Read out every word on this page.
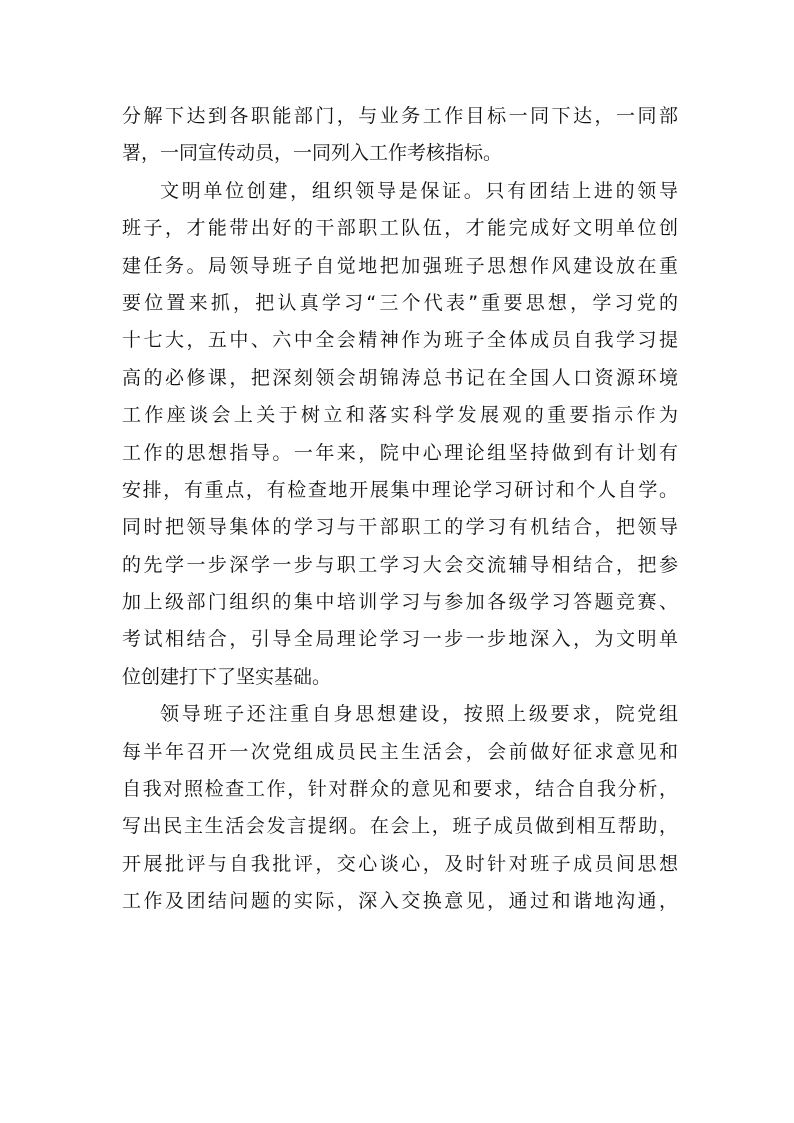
分解下达到各职能部门，与业务工作目标一同下达，一同部
署，一同宣传动员，一同列入工作考核指标。
文明单位创建，组织领导是保证。只有团结上进的领导
班子，才能带出好的干部职工队伍，才能完成好文明单位创
建任务。局领导班子自觉地把加强班子思想作风建设放在重
要位置来抓，把认真学习“三个代表”重要思想，学习党的
十七大，五中、六中全会精神作为班子全体成员自我学习提
高的必修课，把深刻领会胡锦涛总书记在全国人口资源环境
工作座谈会上关于树立和落实科学发展观的重要指示作为
工作的思想指导。一年来，院中心理论组坚持做到有计划有
安排，有重点，有检查地开展集中理论学习研讨和个人自学。
同时把领导集体的学习与干部职工的学习有机结合，把领导
的先学一步深学一步与职工学习大会交流辅导相结合，把参
加上级部门组织的集中培训学习与参加各级学习答题竞赛、
考试相结合，引导全局理论学习一步一步地深入，为文明单
位创建打下了坚实基础。
领导班子还注重自身思想建设，按照上级要求，院党组
每半年召开一次党组成员民主生活会，会前做好征求意见和
自我对照检查工作，针对群众的意见和要求，结合自我分析，
写出民主生活会发言提纲。在会上，班子成员做到相互帮助，
开展批评与自我批评，交心谈心，及时针对班子成员间思想
工作及团结问题的实际，深入交换意见，通过和谐地沟通，
